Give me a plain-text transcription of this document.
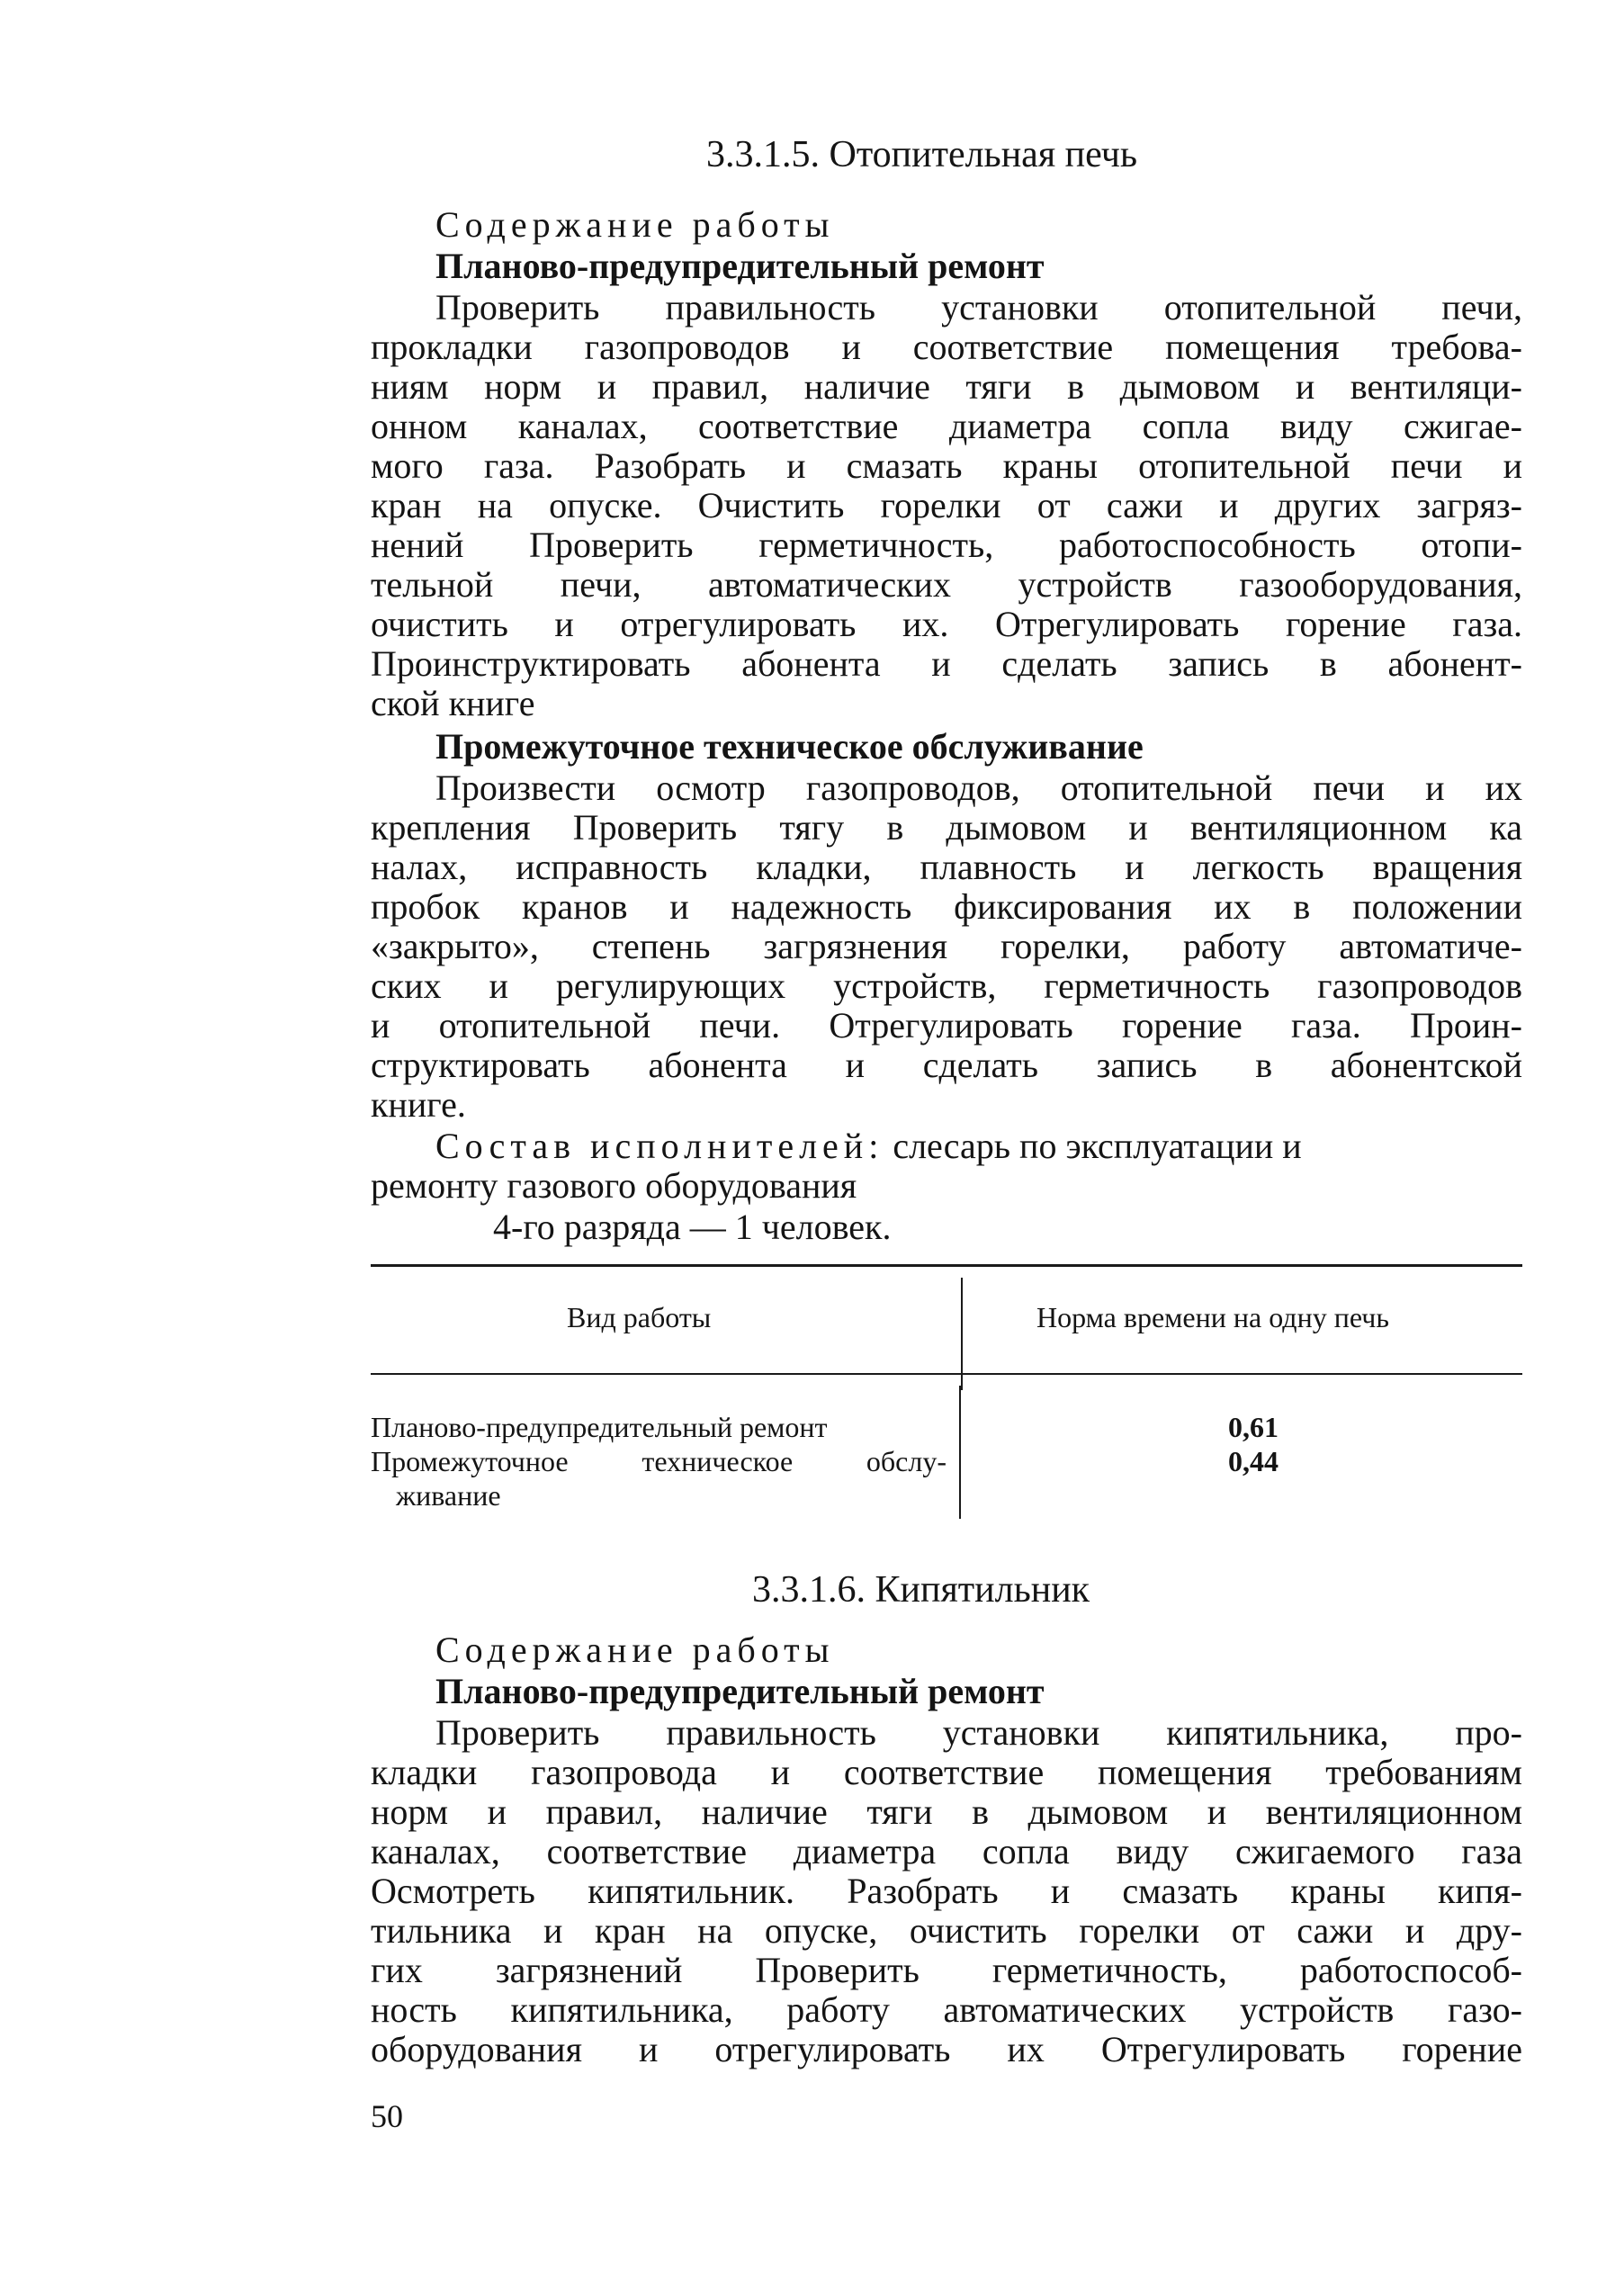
3.3.1.5. Отопительная печь
Содержание работы
Планово-предупредительный ремонт
Проверить правильность установки отопительной печи,
прокладки газопроводов и соответствие помещения требова-
ниям норм и правил, наличие тяги в дымовом и вентиляци-
онном каналах, соответствие диаметра сопла виду сжигае-
мого газа. Разобрать и смазать краны отопительной печи и
кран на опуске. Очистить горелки от сажи и других загряз-
нений Проверить герметичность, работоспособность отопи-
тельной печи, автоматических устройств газооборудования,
очистить и отрегулировать их. Отрегулировать горение газа.
Проинструктировать абонента и сделать запись в абонент-
ской книге
Промежуточное техническое обслуживание
Произвести осмотр газопроводов, отопительной печи и их
крепления Проверить тягу в дымовом и вентиляционном ка
налах, исправность кладки, плавность и легкость вращения
пробок кранов и надежность фиксирования их в положении
«закрыто», степень загрязнения горелки, работу автоматиче-
ских и регулирующих устройств, герметичность газопроводов
и отопительной печи. Отрегулировать горение газа. Проин-
структировать абонента и сделать запись в абонентской
книге.
Состав исполнителей: слесарь по эксплуатации и
ремонту газового оборудования
4-го разряда — 1 человек.
Вид работы	Норма времени на одну печь
Планово-предупредительный ремонт	0,61
Промежуточное техническое обслу-
живание
0,44
3.3.1.6. Кипятильник
Содержание работы
Планово-предупредительный ремонт
Проверить правильность установки кипятильника, про-
кладки газопровода и соответствие помещения требованиям
норм и правил, наличие тяги в дымовом и вентиляционном
каналах, соответствие диаметра сопла виду сжигаемого газа
Осмотреть кипятильник. Разобрать и смазать краны кипя-
тильника и кран на опуске, очистить горелки от сажи и дру-
гих загрязнений Проверить герметичность, работоспособ-
ность кипятильника, работу автоматических устройств газо-
оборудования и отрегулировать их Отрегулировать горение
50
